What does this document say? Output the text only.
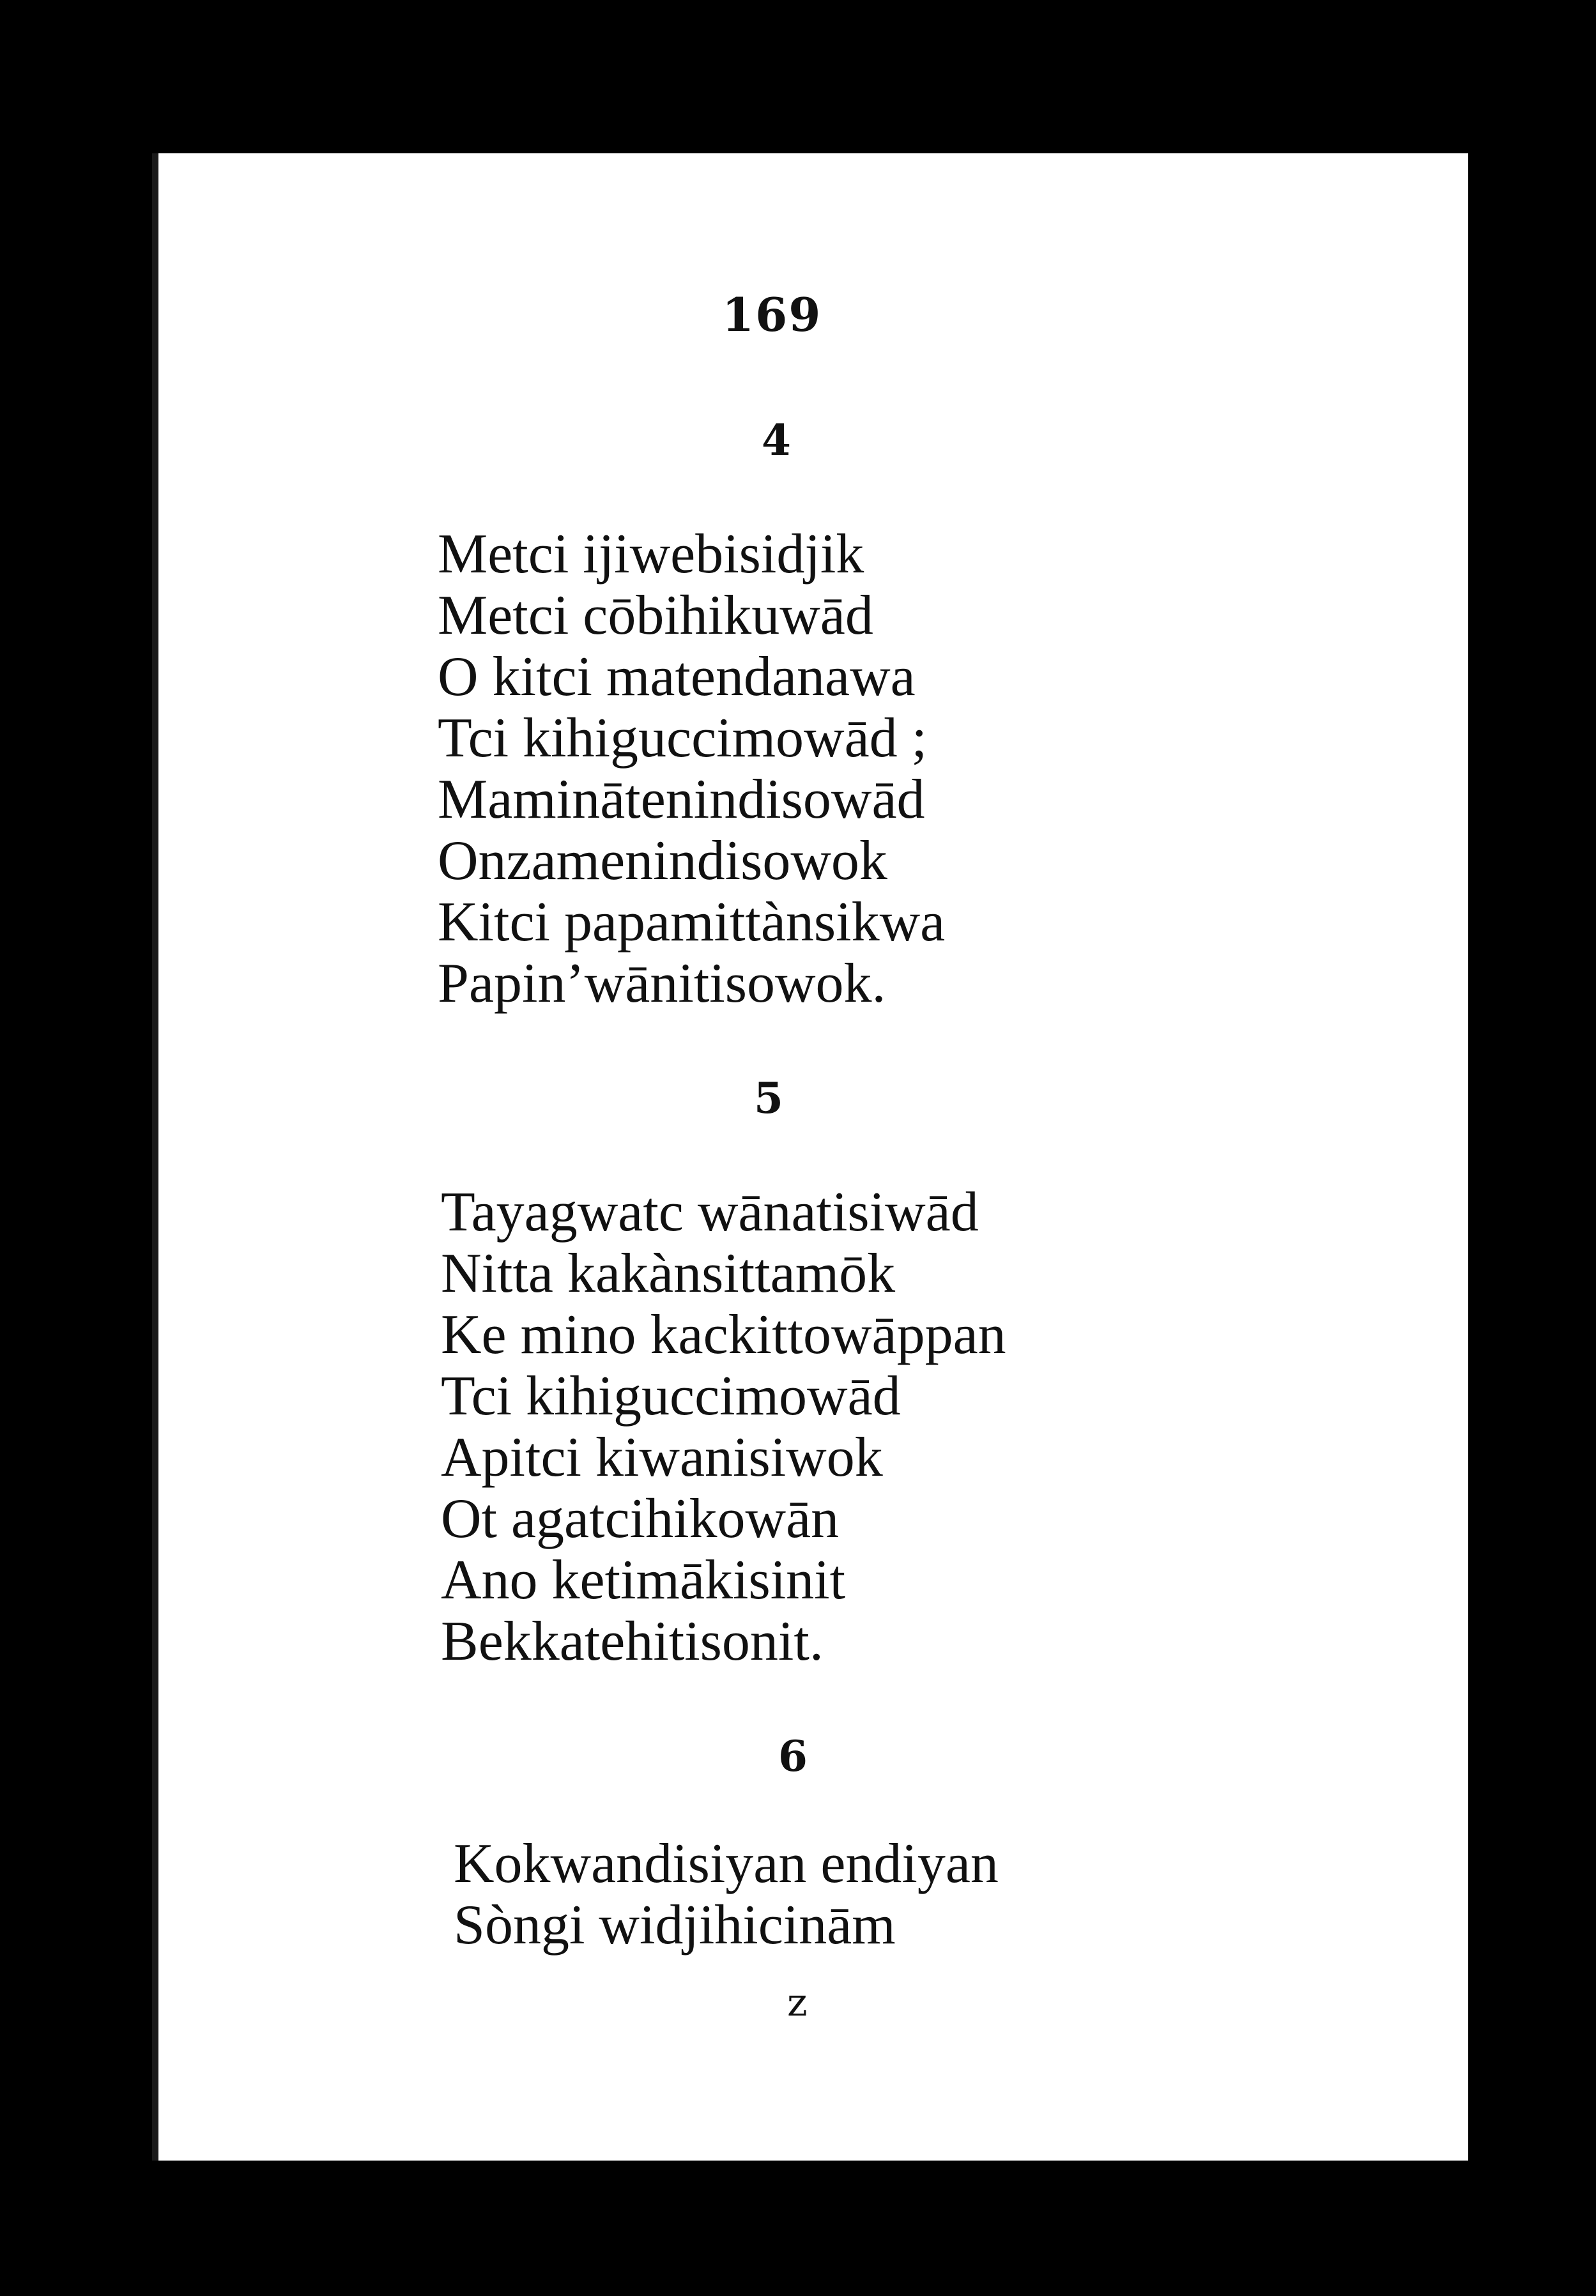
169
4
Metci ijiwebisidjik
Metci cōbihikuwād
O kitci matendanawa
Tci kihiguccimowād ;
Maminātenindisowād
Onzamenindisowok
Kitci papamittànsikwa
Papin’wānitisowok.
5
Tayagwatc wānatisiwād
Nitta kakànsittamōk
Ke mino kackittowāppan
Tci kihiguccimowād
Apitci kiwanisiwok
Ot agatcihikowān
Ano ketimākisinit
Bekkatehitisonit.
6
Kokwandisiyan endiyan
Sòngi widjihicinām
z
